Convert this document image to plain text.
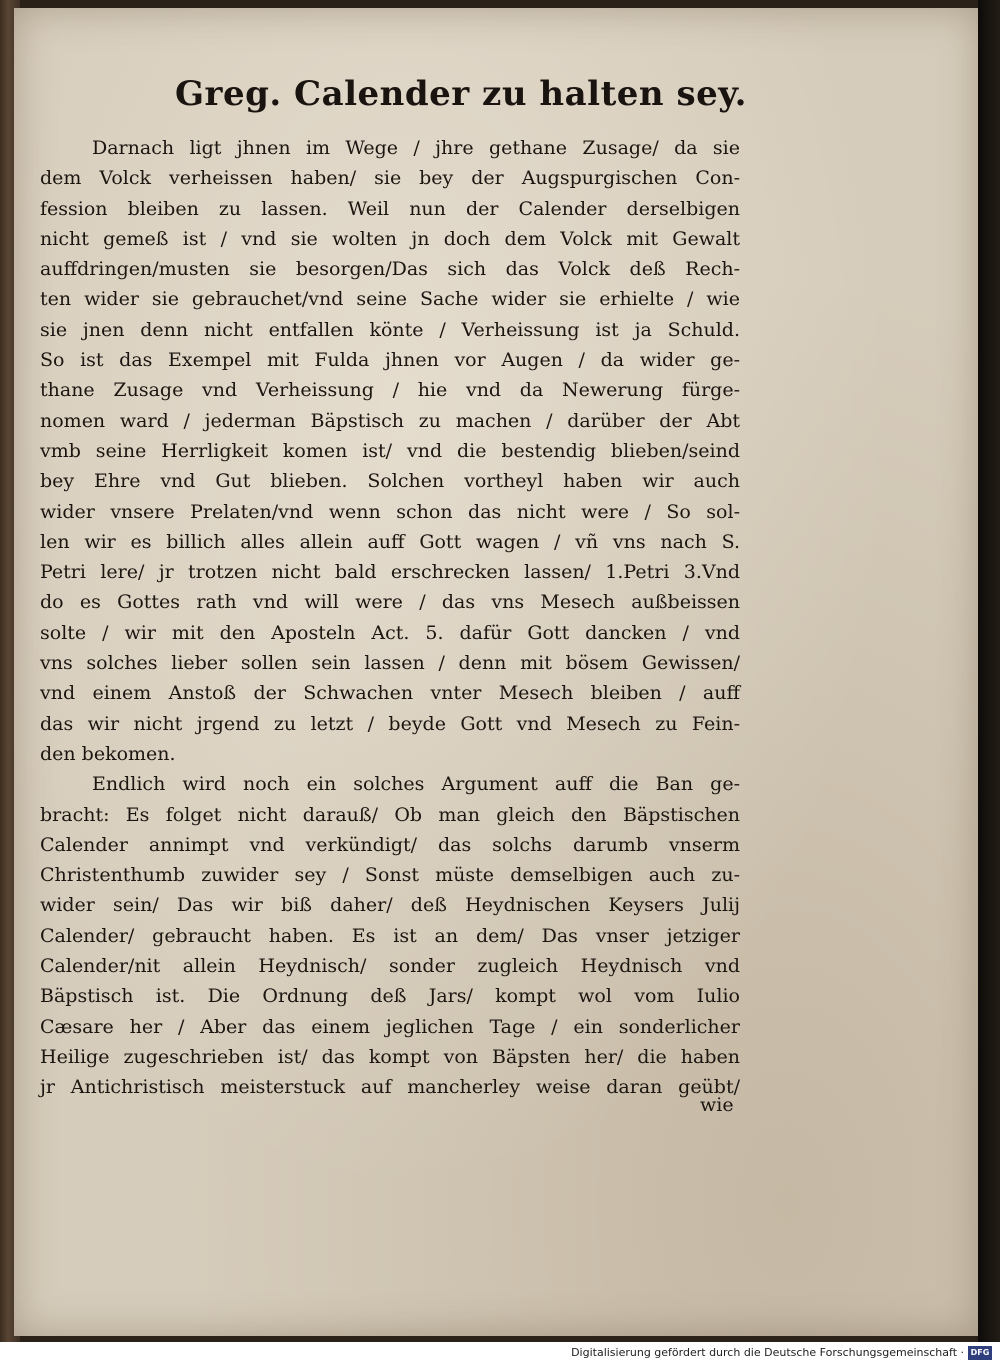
Greg. Calender zu halten sey.
Darnach ligt jhnen im Wege / jhre gethane Zusage/ da sie
dem Volck verheissen haben/ sie bey der Augspurgischen Con-
fession bleiben zu lassen. Weil nun der Calender derselbigen
nicht gemeß ist / vnd sie wolten jn doch dem Volck mit Gewalt
auffdringen/musten sie besorgen/Das sich das Volck deß Rech-
ten wider sie gebrauchet/vnd seine Sache wider sie erhielte / wie
sie jnen denn nicht entfallen könte / Verheissung ist ja Schuld.
So ist das Exempel mit Fulda jhnen vor Augen / da wider ge-
thane Zusage vnd Verheissung / hie vnd da Newerung fürge-
nomen ward / jederman Bäpstisch zu machen / darüber der Abt
vmb seine Herrligkeit komen ist/ vnd die bestendig blieben/seind
bey Ehre vnd Gut blieben. Solchen vortheyl haben wir auch
wider vnsere Prelaten/vnd wenn schon das nicht were / So sol-
len wir es billich alles allein auff Gott wagen / vñ vns nach S.
Petri lere/ jr trotzen nicht bald erschrecken lassen/ 1.Petri 3.Vnd
do es Gottes rath vnd will were / das vns Mesech außbeissen
solte / wir mit den Aposteln Act. 5. dafür Gott dancken / vnd
vns solches lieber sollen sein lassen / denn mit bösem Gewissen/
vnd einem Anstoß der Schwachen vnter Mesech bleiben / auff
das wir nicht jrgend zu letzt / beyde Gott vnd Mesech zu Fein-
den bekomen.
Endlich wird noch ein solches Argument auff die Ban ge-
bracht: Es folget nicht darauß/ Ob man gleich den Bäpstischen
Calender annimpt vnd verkündigt/ das solchs darumb vnserm
Christenthumb zuwider sey / Sonst müste demselbigen auch zu-
wider sein/ Das wir biß daher/ deß Heydnischen Keysers Julij
Calender/ gebraucht haben. Es ist an dem/ Das vnser jetziger
Calender/nit allein Heydnisch/ sonder zugleich Heydnisch vnd
Bäpstisch ist. Die Ordnung deß Jars/ kompt wol vom Iulio
Cæsare her / Aber das einem jeglichen Tage / ein sonderlicher
Heilige zugeschrieben ist/ das kompt von Bäpsten her/ die haben
jr Antichristisch meisterstuck auf mancherley weise daran geübt/
wie
Digitalisierung gefördert durch die Deutsche Forschungsgemeinschaft · DFG
